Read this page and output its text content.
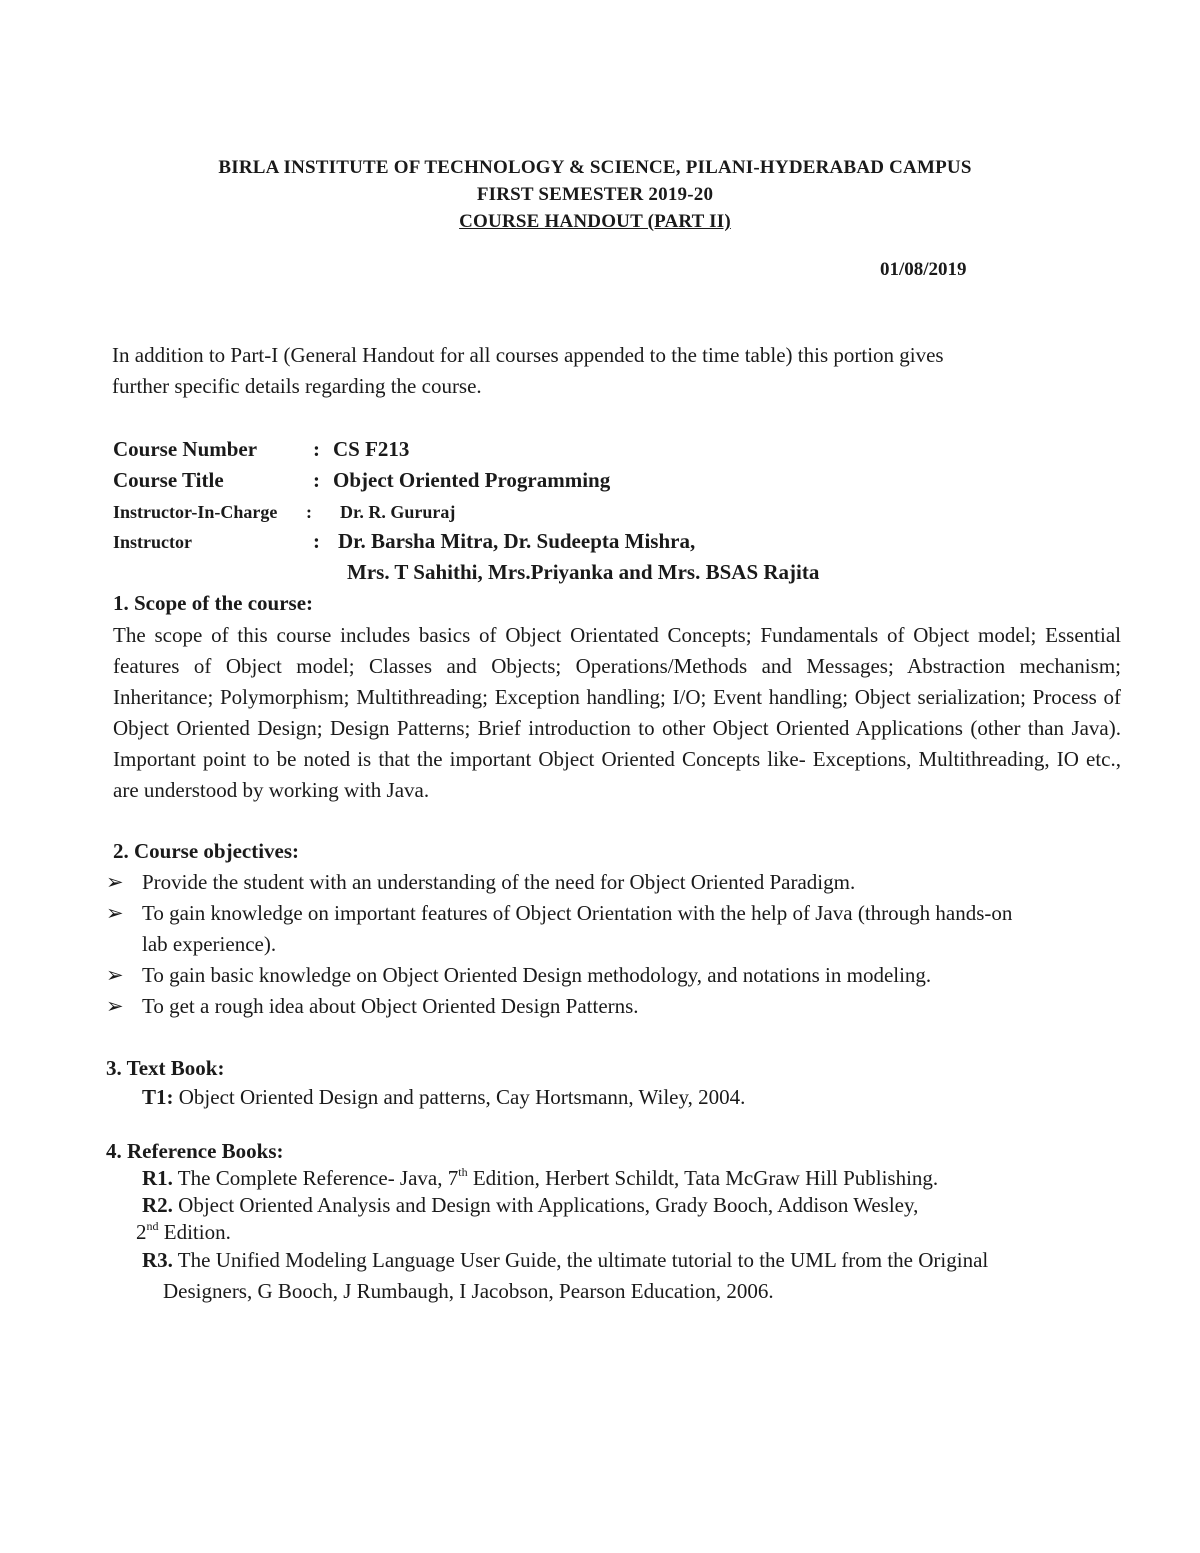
BIRLA INSTITUTE OF TECHNOLOGY & SCIENCE, PILANI-HYDERABAD CAMPUS
FIRST SEMESTER 2019-20
COURSE HANDOUT (PART II)
01/08/2019
In addition to Part-I (General Handout for all courses appended to the time table) this portion gives
further specific details regarding the course.
Course Number	: CS F213
Course Title	: Object Oriented Programming
Instructor-In-Charge : Dr. R. Gururaj
Instructor	: Dr. Barsha Mitra, Dr. Sudeepta Mishra,
Mrs. T Sahithi, Mrs.Priyanka and Mrs. BSAS Rajita
1. Scope of the course:
The scope of this course includes basics of Object Orientated Concepts; Fundamentals of Object model; Essential features of Object model; Classes and Objects; Operations/Methods and Messages; Abstraction mechanism; Inheritance; Polymorphism; Multithreading; Exception handling; I/O; Event handling; Object serialization; Process of Object Oriented Design; Design Patterns; Brief introduction to other Object Oriented Applications (other than Java). Important point to be noted is that the important Object Oriented Concepts like- Exceptions, Multithreading, IO etc., are understood by working with Java.
2. Course objectives:
➢ Provide the student with an understanding of the need for Object Oriented Paradigm.
➢ To gain knowledge on important features of Object Orientation with the help of Java (through hands-on
lab experience).
➢ To gain basic knowledge on Object Oriented Design methodology, and notations in modeling.
➢ To get a rough idea about Object Oriented Design Patterns.
3. Text Book:
T1: Object Oriented Design and patterns, Cay Hortsmann, Wiley, 2004.
4. Reference Books:
R1. The Complete Reference- Java, 7th Edition, Herbert Schildt, Tata McGraw Hill Publishing.
R2. Object Oriented Analysis and Design with Applications, Grady Booch, Addison Wesley,
2nd Edition.
R3. The Unified Modeling Language User Guide, the ultimate tutorial to the UML from the Original
Designers, G Booch, J Rumbaugh, I Jacobson, Pearson Education, 2006.
